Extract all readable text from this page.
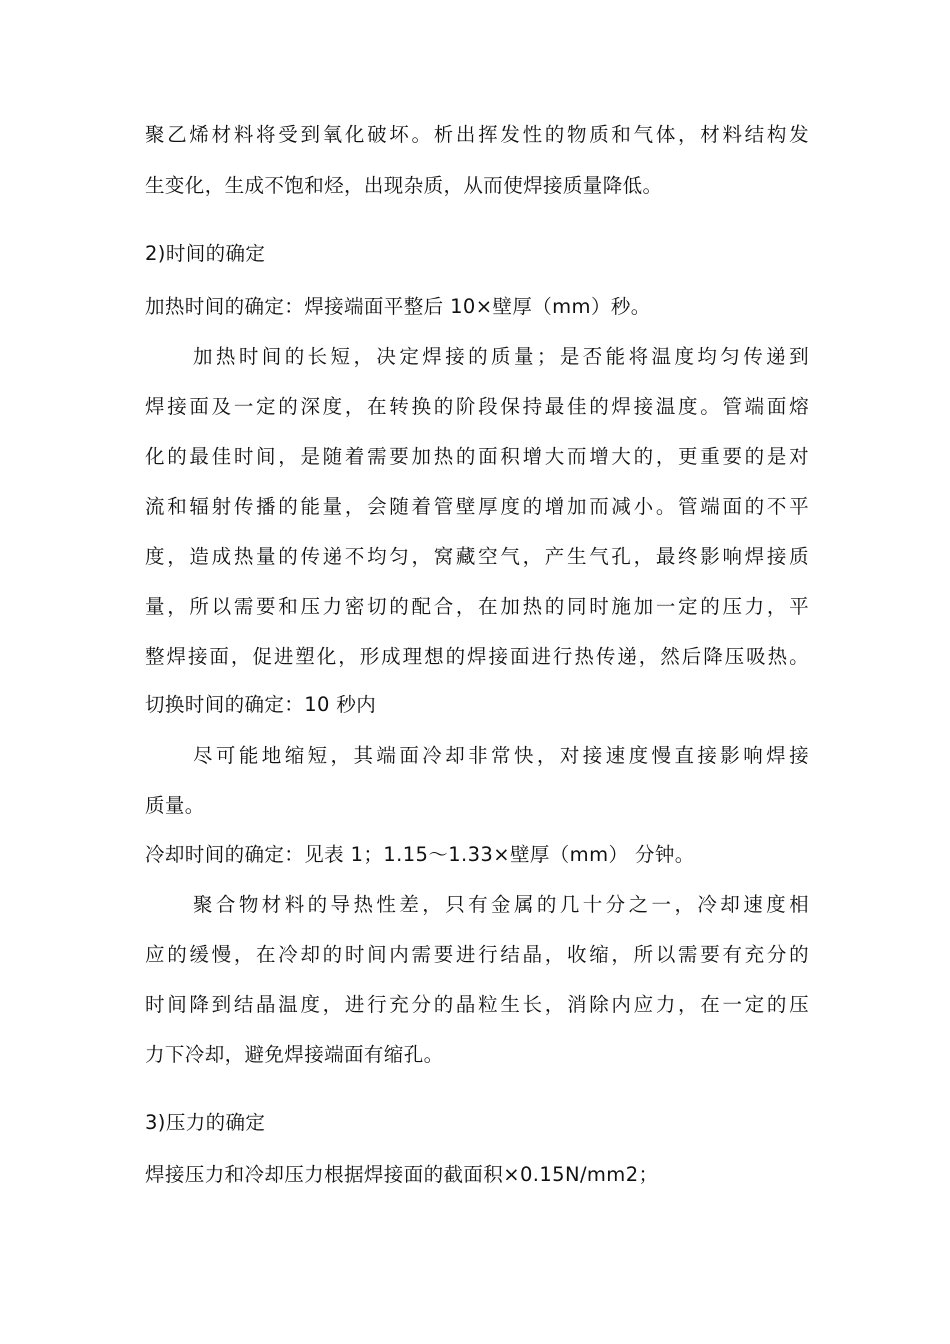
聚乙烯材料将受到氧化破坏。析出挥发性的物质和气体，材料结构发
生变化，生成不饱和烃，出现杂质，从而使焊接质量降低。
2)时间的确定
加热时间的确定：焊接端面平整后 10×壁厚（mm）秒。
加热时间的长短，决定焊接的质量；是否能将温度均匀传递到
焊接面及一定的深度，在转换的阶段保持最佳的焊接温度。管端面熔
化的最佳时间，是随着需要加热的面积增大而增大的，更重要的是对
流和辐射传播的能量，会随着管壁厚度的增加而减小。管端面的不平
度，造成热量的传递不均匀，窝藏空气，产生气孔，最终影响焊接质
量，所以需要和压力密切的配合，在加热的同时施加一定的压力，平
整焊接面，促进塑化，形成理想的焊接面进行热传递，然后降压吸热。
切换时间的确定：10 秒内
尽可能地缩短，其端面冷却非常快，对接速度慢直接影响焊接
质量。
冷却时间的确定：见表 1；1.15～1.33×壁厚（mm） 分钟。
聚合物材料的导热性差，只有金属的几十分之一，冷却速度相
应的缓慢，在冷却的时间内需要进行结晶，收缩，所以需要有充分的
时间降到结晶温度，进行充分的晶粒生长，消除内应力，在一定的压
力下冷却，避免焊接端面有缩孔。
3)压力的确定
焊接压力和冷却压力根据焊接面的截面积×0.15N/mm2；
